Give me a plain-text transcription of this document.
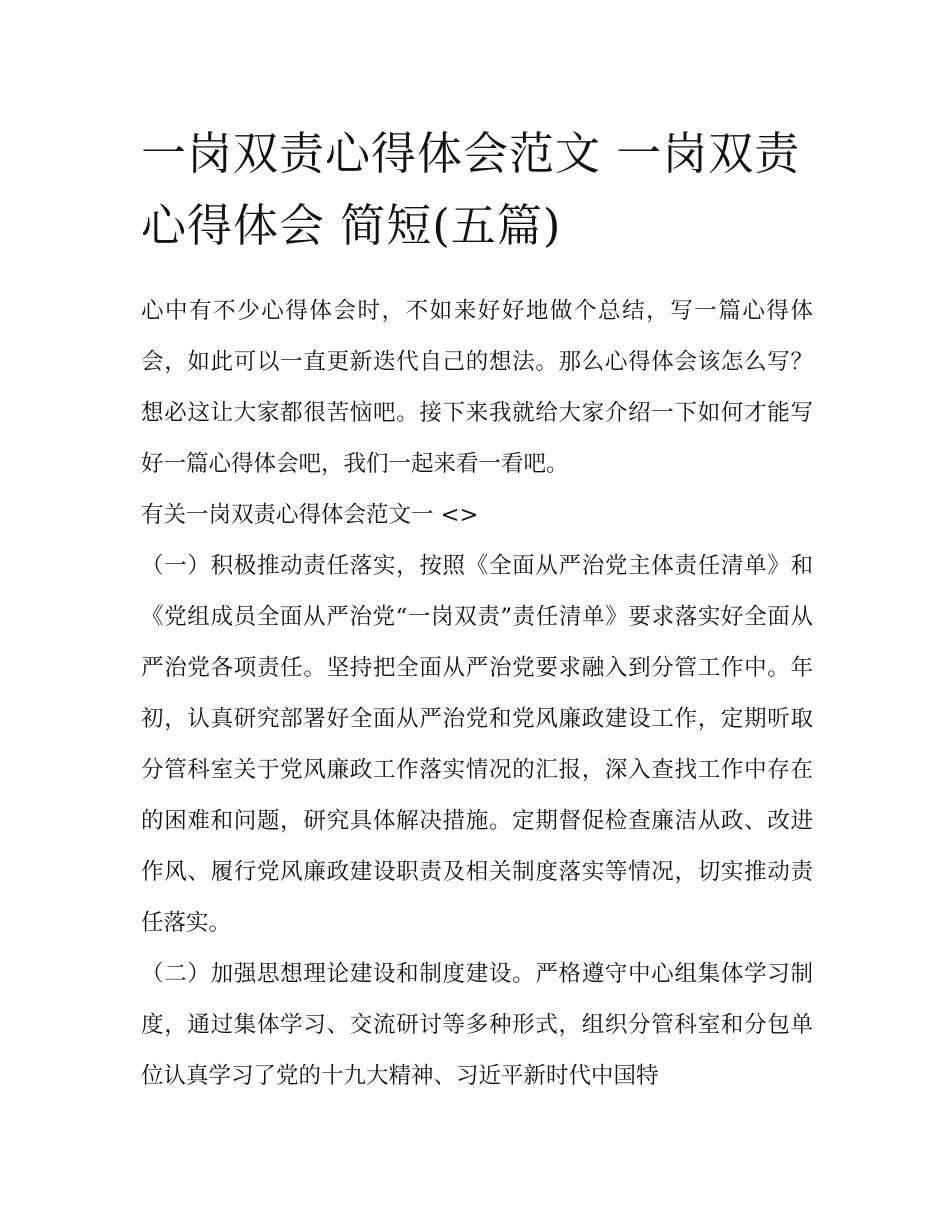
一岗双责心得体会范文 一岗双责心得体会 简短(五篇)

心中有不少心得体会时，不如来好好地做个总结，写一篇心得体会，如此可以一直更新迭代自己的想法。那么心得体会该怎么写？想必这让大家都很苦恼吧。接下来我就给大家介绍一下如何才能写好一篇心得体会吧，我们一起来看一看吧。

有关一岗双责心得体会范文一 <>

（一）积极推动责任落实，按照《全面从严治党主体责任清单》和《党组成员全面从严治党“一岗双责”责任清单》要求落实好全面从严治党各项责任。坚持把全面从严治党要求融入到分管工作中。年初，认真研究部署好全面从严治党和党风廉政建设工作，定期听取分管科室关于党风廉政工作落实情况的汇报，深入查找工作中存在的困难和问题，研究具体解决措施。定期督促检查廉洁从政、改进作风、履行党风廉政建设职责及相关制度落实等情况，切实推动责任落实。

（二）加强思想理论建设和制度建设。严格遵守中心组集体学习制度，通过集体学习、交流研讨等多种形式，组织分管科室和分包单位认真学习了党的十九大精神、习近平新时代中国特
